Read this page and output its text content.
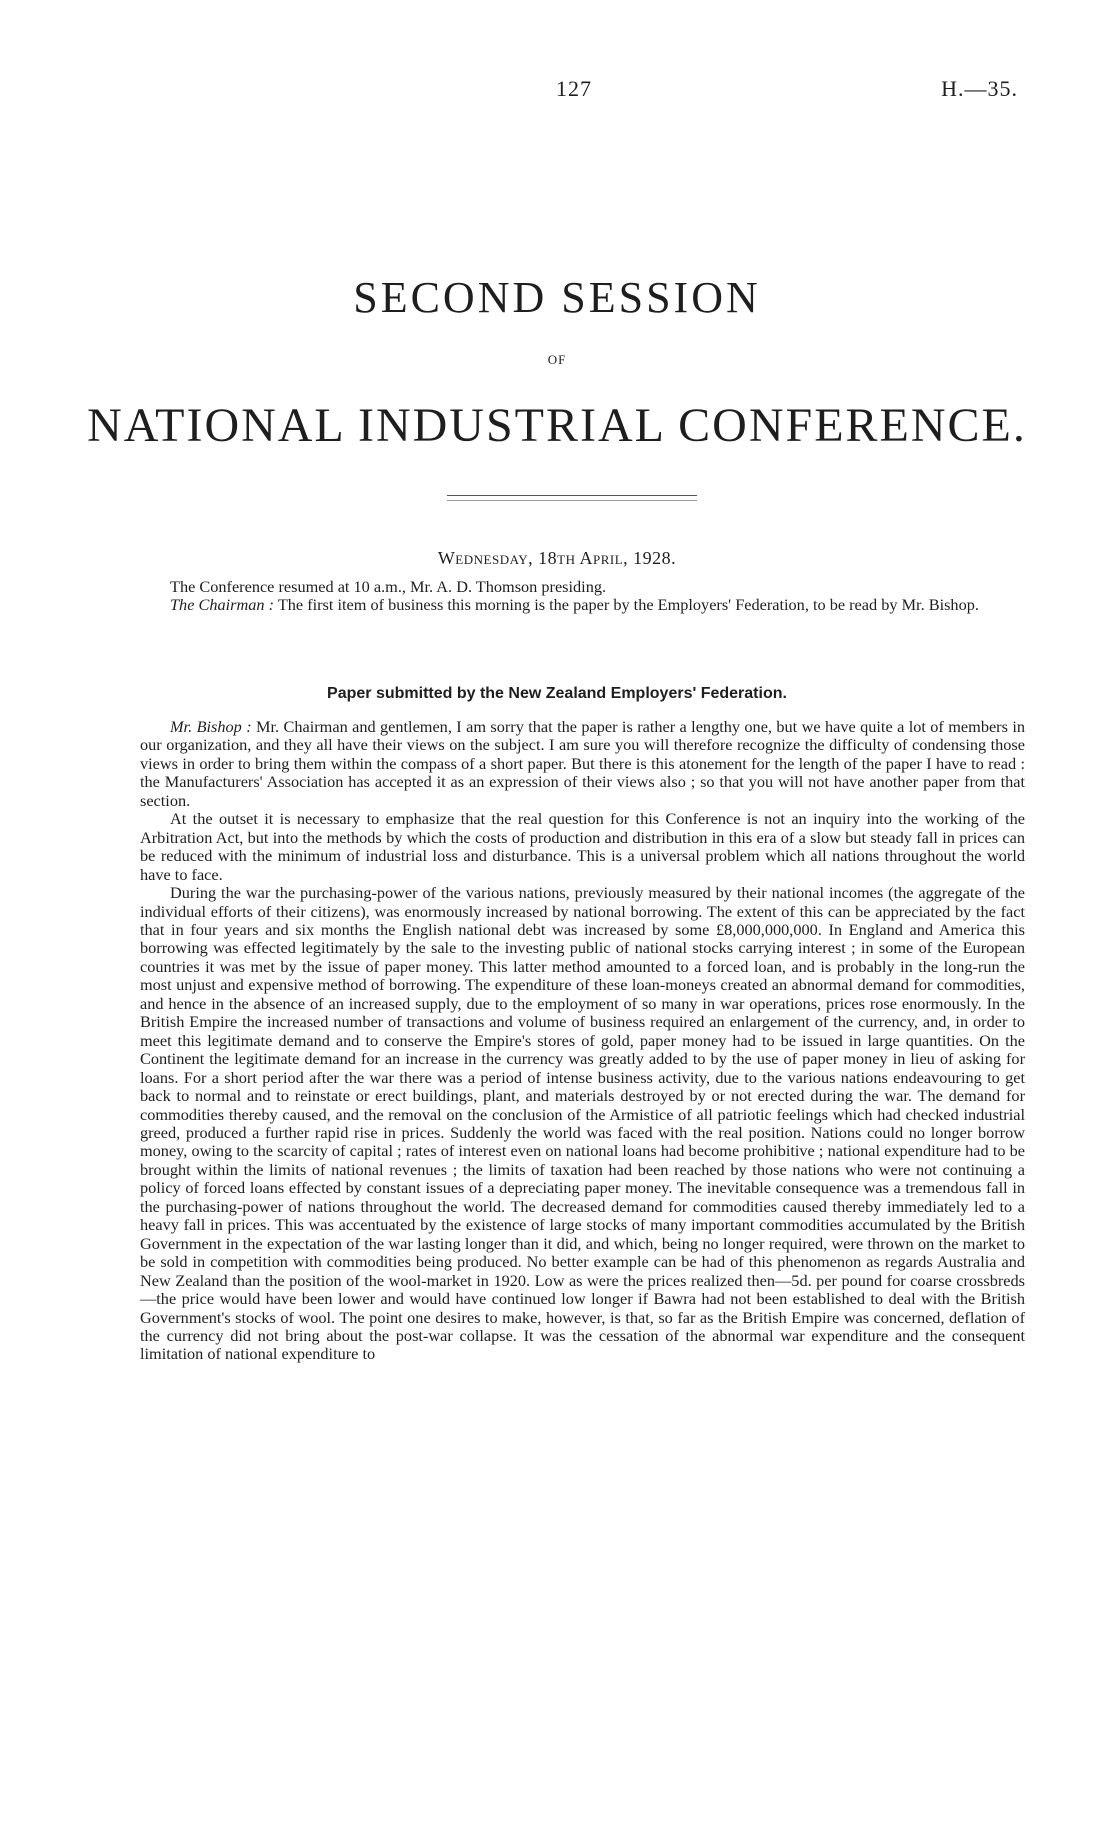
127	H.—35.
SECOND SESSION
OF
NATIONAL INDUSTRIAL CONFERENCE.
Wednesday, 18th April, 1928.

The Conference resumed at 10 a.m., Mr. A. D. Thomson presiding.

The Chairman : The first item of business this morning is the paper by the Employers' Federation, to be read by Mr. Bishop.

Paper submitted by the New Zealand Employers' Federation.

Mr. Bishop : Mr. Chairman and gentlemen, I am sorry that the paper is rather a lengthy one, but we have quite a lot of members in our organization, and they all have their views on the subject. I am sure you will therefore recognize the difficulty of condensing those views in order to bring them within the compass of a short paper. But there is this atonement for the length of the paper I have to read : the Manufacturers' Association has accepted it as an expression of their views also ; so that you will not have another paper from that section.

At the outset it is necessary to emphasize that the real question for this Conference is not an inquiry into the working of the Arbitration Act, but into the methods by which the costs of production and distribution in this era of a slow but steady fall in prices can be reduced with the minimum of industrial loss and disturbance. This is a universal problem which all nations throughout the world have to face.

During the war the purchasing-power of the various nations, previously measured by their national incomes (the aggregate of the individual efforts of their citizens), was enormously increased by national borrowing. The extent of this can be appreciated by the fact that in four years and six months the English national debt was increased by some £8,000,000,000. In England and America this borrowing was effected legitimately by the sale to the investing public of national stocks carrying interest ; in some of the European countries it was met by the issue of paper money. This latter method amounted to a forced loan, and is probably in the long-run the most unjust and expensive method of borrowing. The expenditure of these loan-moneys created an abnormal demand for commodities, and hence in the absence of an increased supply, due to the employment of so many in war operations, prices rose enormously. In the British Empire the increased number of transactions and volume of business required an enlargement of the currency, and, in order to meet this legitimate demand and to conserve the Empire's stores of gold, paper money had to be issued in large quantities. On the Continent the legitimate demand for an increase in the currency was greatly added to by the use of paper money in lieu of asking for loans. For a short period after the war there was a period of intense business activity, due to the various nations endeavouring to get back to normal and to reinstate or erect buildings, plant, and materials destroyed by or not erected during the war. The demand for commodities thereby caused, and the removal on the conclusion of the Armistice of all patriotic feelings which had checked industrial greed, produced a further rapid rise in prices. Suddenly the world was faced with the real position. Nations could no longer borrow money, owing to the scarcity of capital ; rates of interest even on national loans had become prohibitive ; national expenditure had to be brought within the limits of national revenues ; the limits of taxation had been reached by those nations who were not continuing a policy of forced loans effected by constant issues of a depreciating paper money. The inevitable consequence was a tremendous fall in the purchasing-power of nations throughout the world. The decreased demand for commodities caused thereby immediately led to a heavy fall in prices. This was accentuated by the existence of large stocks of many important commodities accumulated by the British Government in the expectation of the war lasting longer than it did, and which, being no longer required, were thrown on the market to be sold in competition with commodities being produced. No better example can be had of this phenomenon as regards Australia and New Zealand than the position of the wool-market in 1920. Low as were the prices realized then—5d. per pound for coarse crossbreds—the price would have been lower and would have continued low longer if Bawra had not been established to deal with the British Government's stocks of wool. The point one desires to make, however, is that, so far as the British Empire was concerned, deflation of the currency did not bring about the post-war collapse. It was the cessation of the abnormal war expenditure and the consequent limitation of national expenditure to
